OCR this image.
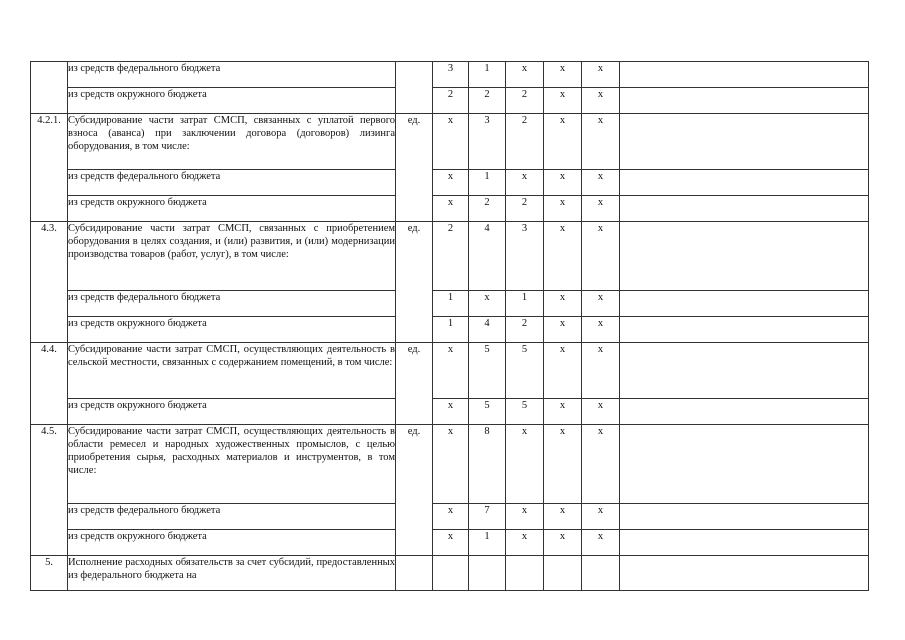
	из средств федерального бюджета		3	1	x	x	x	
	из средств окружного бюджета		2	2	2	x	x	
4.2.1.	Субсидирование части затрат СМСП, связанных с уплатой первого взноса (аванса) при заключении договора (договоров) лизинга оборудования, в том числе:	ед.	x	3	2	x	x	
	из средств федерального бюджета		x	1	x	x	x	
	из средств окружного бюджета		x	2	2	x	x	
4.3.	Субсидирование части затрат СМСП, связанных с приобретением оборудования в целях создания, и (или) развития, и (или) модернизации производства товаров (работ, услуг), в том числе:	ед.	2	4	3	x	x	
	из средств федерального бюджета		1	x	1	x	x	
	из средств окружного бюджета		1	4	2	x	x	
4.4.	Субсидирование части затрат СМСП, осуществляющих деятельность в сельской местности, связанных с содержанием помещений, в том числе:	ед.	x	5	5	x	x	
	из средств окружного бюджета		x	5	5	x	x	
4.5.	Субсидирование части затрат СМСП, осуществляющих деятельность в области ремесел и народных художественных промыслов, с целью приобретения сырья, расходных материалов и инструментов, в том числе:	ед.	x	8	x	x	x	
	из средств федерального бюджета		x	7	x	x	x	
	из средств окружного бюджета		x	1	x	x	x	
5.	Исполнение расходных обязательств за счет субсидий, предоставленных из федерального бюджета на							
